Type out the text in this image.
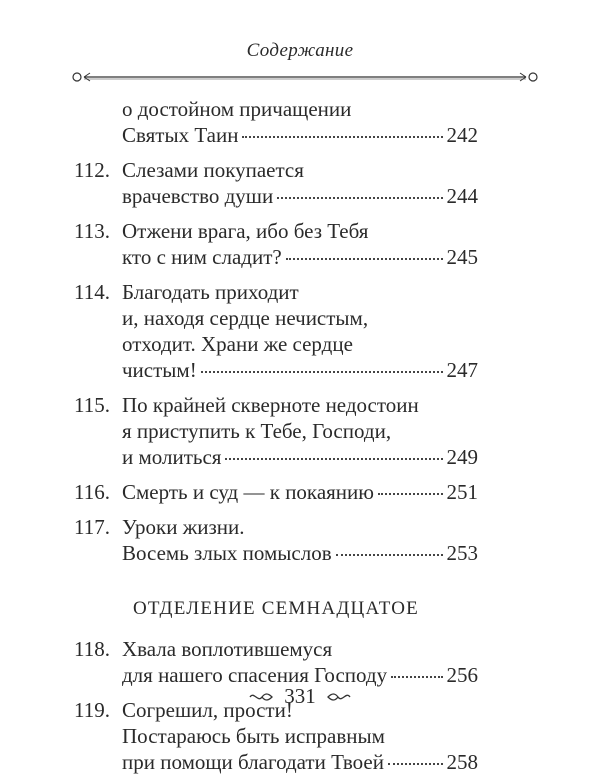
Содержание
о достойном причащении
Святых Таин	242
112. Слезами покупается
врачевство души	244
113. Отжени врага, ибо без Тебя
кто с ним сладит?	245
114. Благодать приходит
и, находя сердце нечистым,
отходит. Храни же сердце
чистым!	247
115. По крайней скверноте недостоин
я приступить к Тебе, Господи,
и молиться	249
116. Смерть и суд — к покаянию	251
117. Уроки жизни.
Восемь злых помыслов	253
ОТДЕЛЕНИЕ СЕМНАДЦАТОЕ
118. Хвала воплотившемуся
для нашего спасения Господу	256
119. Согрешил, прости!
Постараюсь быть исправным
при помощи благодати Твоей	258
331
